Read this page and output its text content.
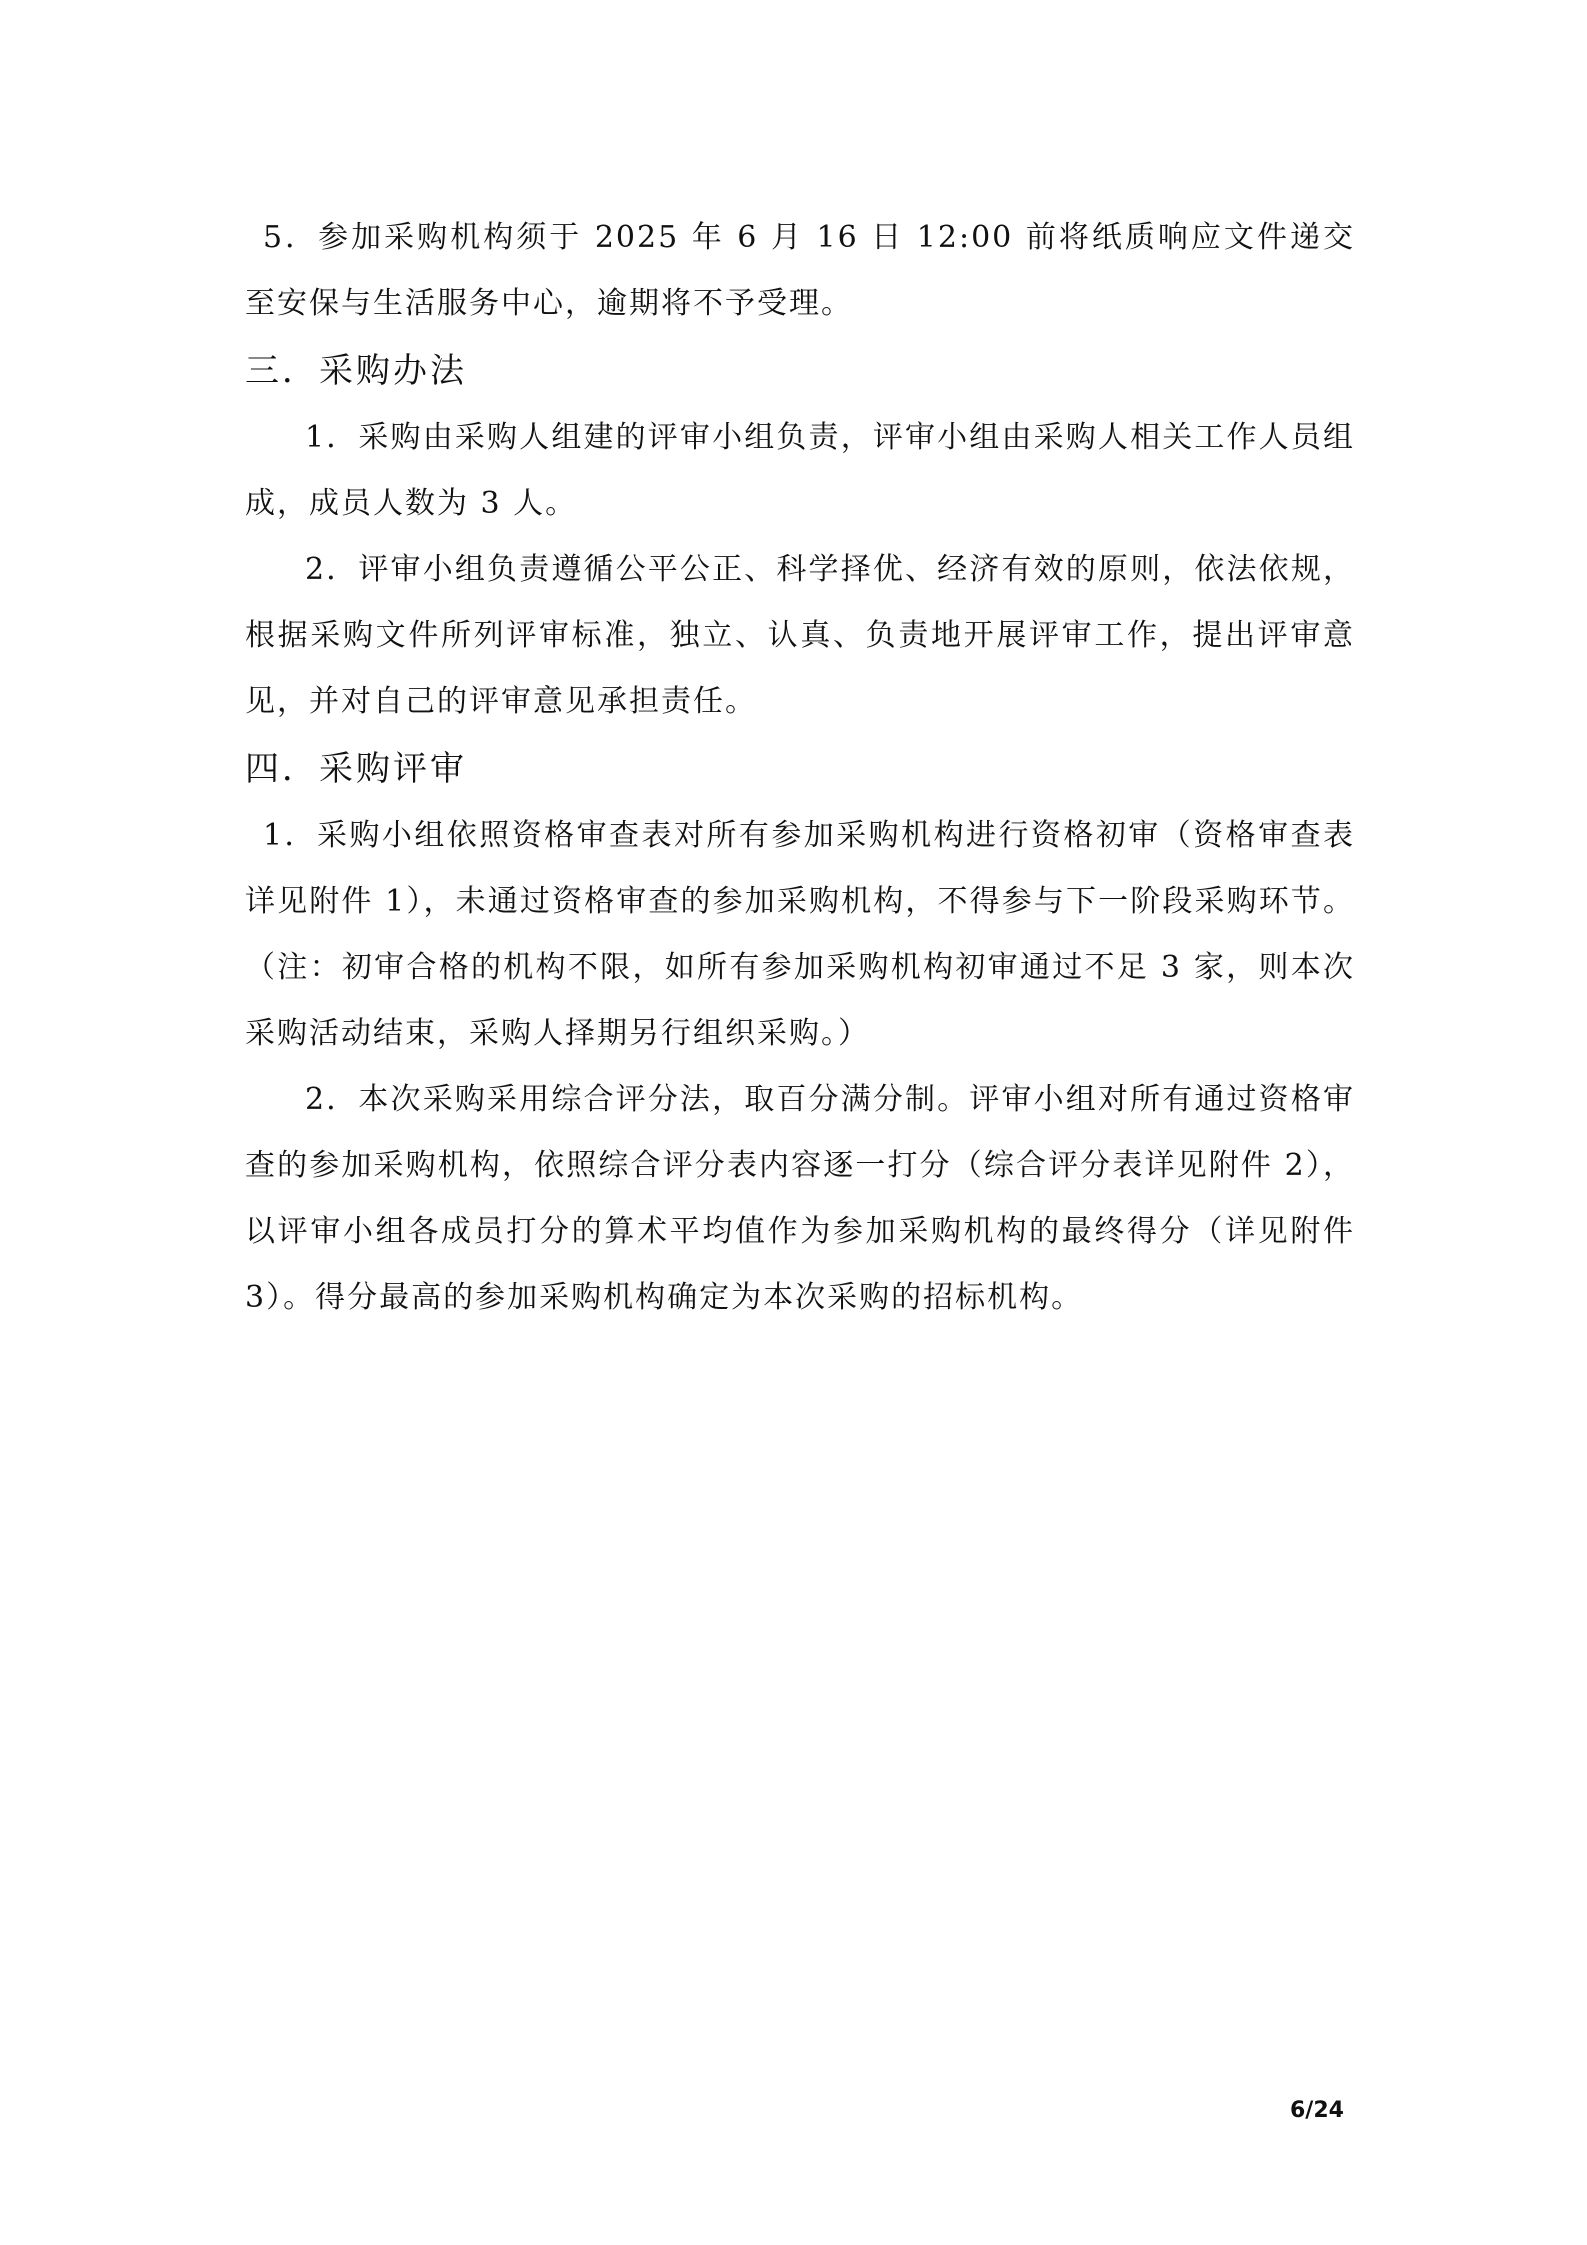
5．参加采购机构须于 2025 年 6 月 16 日 12:00 前将纸质响应文件递交至安保与生活服务中心，逾期将不予受理。

三．采购办法

1．采购由采购人组建的评审小组负责，评审小组由采购人相关工作人员组成，成员人数为 3 人。

2．评审小组负责遵循公平公正、科学择优、经济有效的原则，依法依规，根据采购文件所列评审标准，独立、认真、负责地开展评审工作，提出评审意见，并对自己的评审意见承担责任。

四．采购评审

1．采购小组依照资格审查表对所有参加采购机构进行资格初审（资格审查表详见附件 1），未通过资格审查的参加采购机构，不得参与下一阶段采购环节。（注：初审合格的机构不限，如所有参加采购机构初审通过不足 3 家，则本次采购活动结束，采购人择期另行组织采购。）

2．本次采购采用综合评分法，取百分满分制。评审小组对所有通过资格审查的参加采购机构，依照综合评分表内容逐一打分（综合评分表详见附件 2），以评审小组各成员打分的算术平均值作为参加采购机构的最终得分（详见附件 3）。得分最高的参加采购机构确定为本次采购的招标机构。

6/24
